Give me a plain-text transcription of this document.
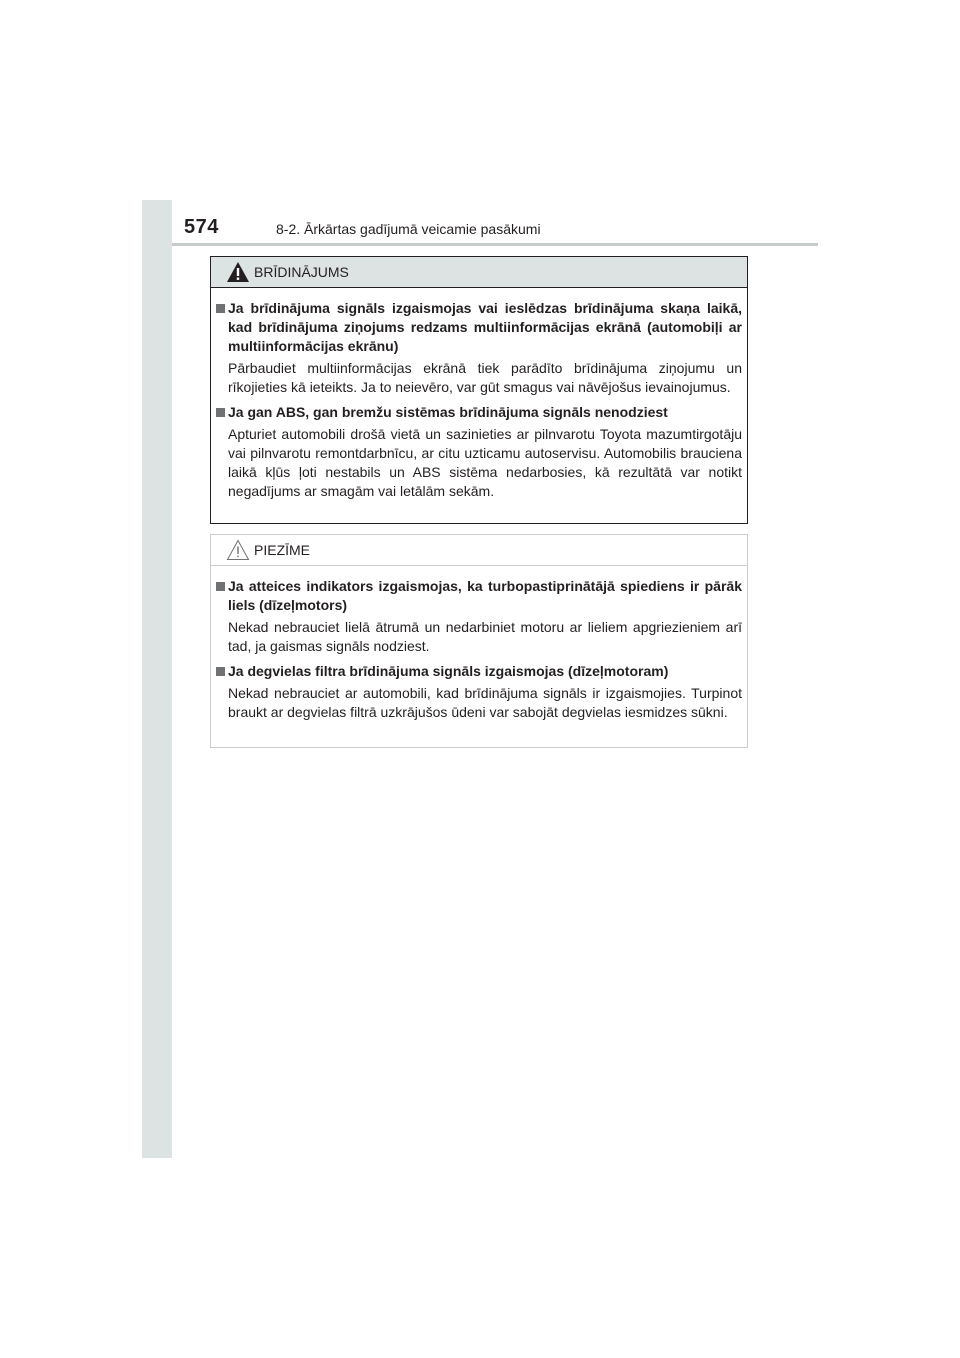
574	8-2. Ārkārtas gadījumā veicamie pasākumi
BRĪDINĀJUMS
Ja brīdinājuma signāls izgaismojas vai ieslēdzas brīdinājuma skaņa laikā, kad brīdinājuma ziņojums redzams multiinformācijas ekrānā (automobiļi ar multiinformācijas ekrānu)
Pārbaudiet multiinformācijas ekrānā tiek parādīto brīdinājuma ziņojumu un rīkojieties kā ieteikts. Ja to neievēro, var gūt smagus vai nāvējošus ievainojumus.
Ja gan ABS, gan bremžu sistēmas brīdinājuma signāls nenodziest
Apturiet automobili drošā vietā un sazinieties ar pilnvarotu Toyota mazumtirgotāju vai pilnvarotu remontdarbnīcu, ar citu uzticamu autoservisu. Automobilis brauciena laikā kļūs ļoti nestabils un ABS sistēma nedarbosies, kā rezultātā var notikt negadījums ar smagām vai letālām sekām.
PIEZĪME
Ja atteices indikators izgaismojas, ka turbopastiprinātājā spiediens ir pārāk liels (dīzeļmotors)
Nekad nebrauciet lielā ātrumā un nedarbiniet motoru ar lieliem apgriezieniem arī tad, ja gaismas signāls nodziest.
Ja degvielas filtra brīdinājuma signāls izgaismojas (dīzeļmotoram)
Nekad nebrauciet ar automobili, kad brīdinājuma signāls ir izgaismojies. Turpinot braukt ar degvielas filtrā uzkrājušos ūdeni var sabojāt degvielas iesmidzes sūkni.
